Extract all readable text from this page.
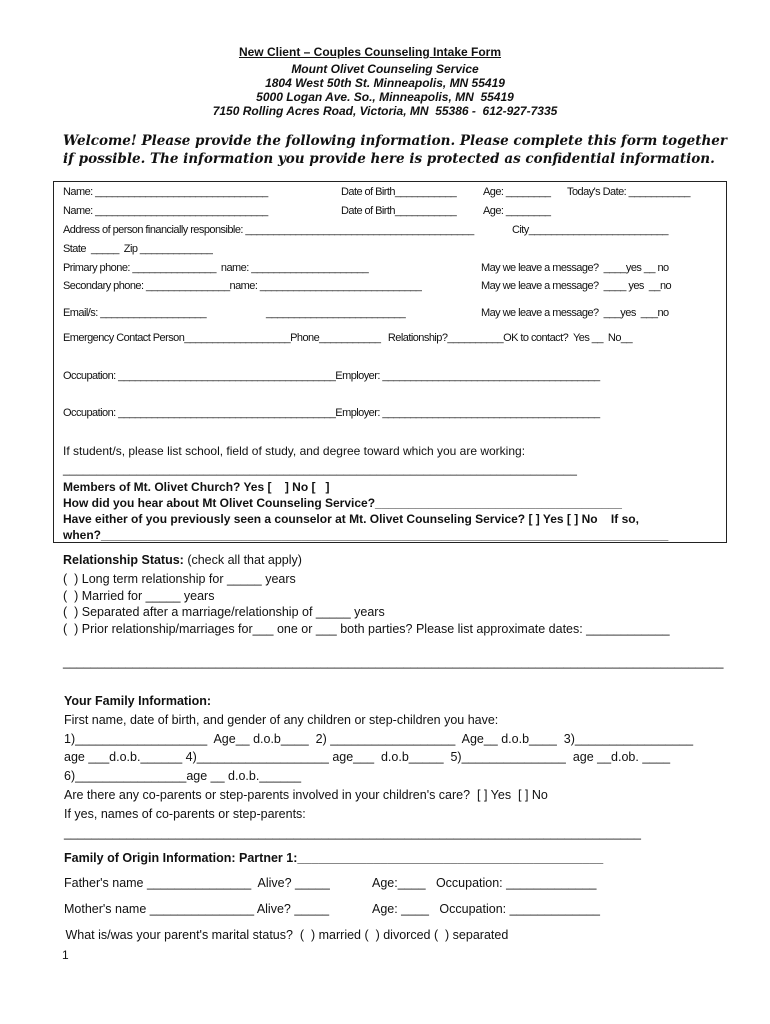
New Client – Couples Counseling Intake Form
Mount Olivet Counseling Service
1804 West 50th St. Minneapolis, MN 55419
5000 Logan Ave. So., Minneapolis, MN  55419
7150 Rolling Acres Road, Victoria, MN  55386 -  612-927-7335
Welcome! Please provide the following information. Please complete this form together
if possible. The information you provide here is protected as confidential information.
Name: _______________________________	Date of Birth___________ Age: ________ Today's Date: ___________
Name: _______________________________	Date of Birth___________ Age: ________
Address of person financially responsible: _________________________________________	City_________________________
State  _____  Zip _____________
Primary phone: _______________  name: _____________________	May we leave a message?  ____yes __ no
Secondary phone: _______________name: _____________________________	May we leave a message?  ____ yes  __no
Email/s: ___________________	_________________________	May we leave a message?  ___yes  ___no
Emergency Contact Person___________________Phone___________   Relationship?__________OK to contact?  Yes __  No__
Occupation: _______________________________________Employer: _______________________________________
Occupation: _______________________________________Employer: _______________________________________
If student/s, please list school, field of study, and degree toward which you are working:
_____________________________________________________________________________
Members of Mt. Olivet Church? Yes [    ] No [   ]
How did you hear about Mt Olivet Counseling Service?_____________________________________
Have either of you previously seen a counselor at Mt. Olivet Counseling Service? [ ] Yes [ ] No    If so,
when?_____________________________________________________________________________________
Relationship Status: (check all that apply)
(  ) Long term relationship for _____ years
(  ) Married for _____ years
(  ) Separated after a marriage/relationship of _____ years
(  ) Prior relationship/marriages for___ one or ___ both parties? Please list approximate dates: ____________
_______________________________________________________________________________________________
Your Family Information:
First name, date of birth, and gender of any children or step-children you have:
1)___________________  Age__ d.o.b____  2) __________________  Age__ d.o.b____  3)_________________
age ___d.o.b.______ 4)___________________ age___  d.o.b_____  5)_______________  age __d.ob. ____
6)________________age __ d.o.b.______
Are there any co-parents or step-parents involved in your children's care?  [ ] Yes  [ ] No
If yes, names of co-parents or step-parents:
___________________________________________________________________________________
Family of Origin Information: Partner 1:____________________________________________
Father's name _______________  Alive? _____	Age:____   Occupation: _____________
Mother's name _______________ Alive? _____	Age: ____   Occupation: _____________
What is/was your parent's marital status?  (  ) married (  ) divorced (  ) separated
1
